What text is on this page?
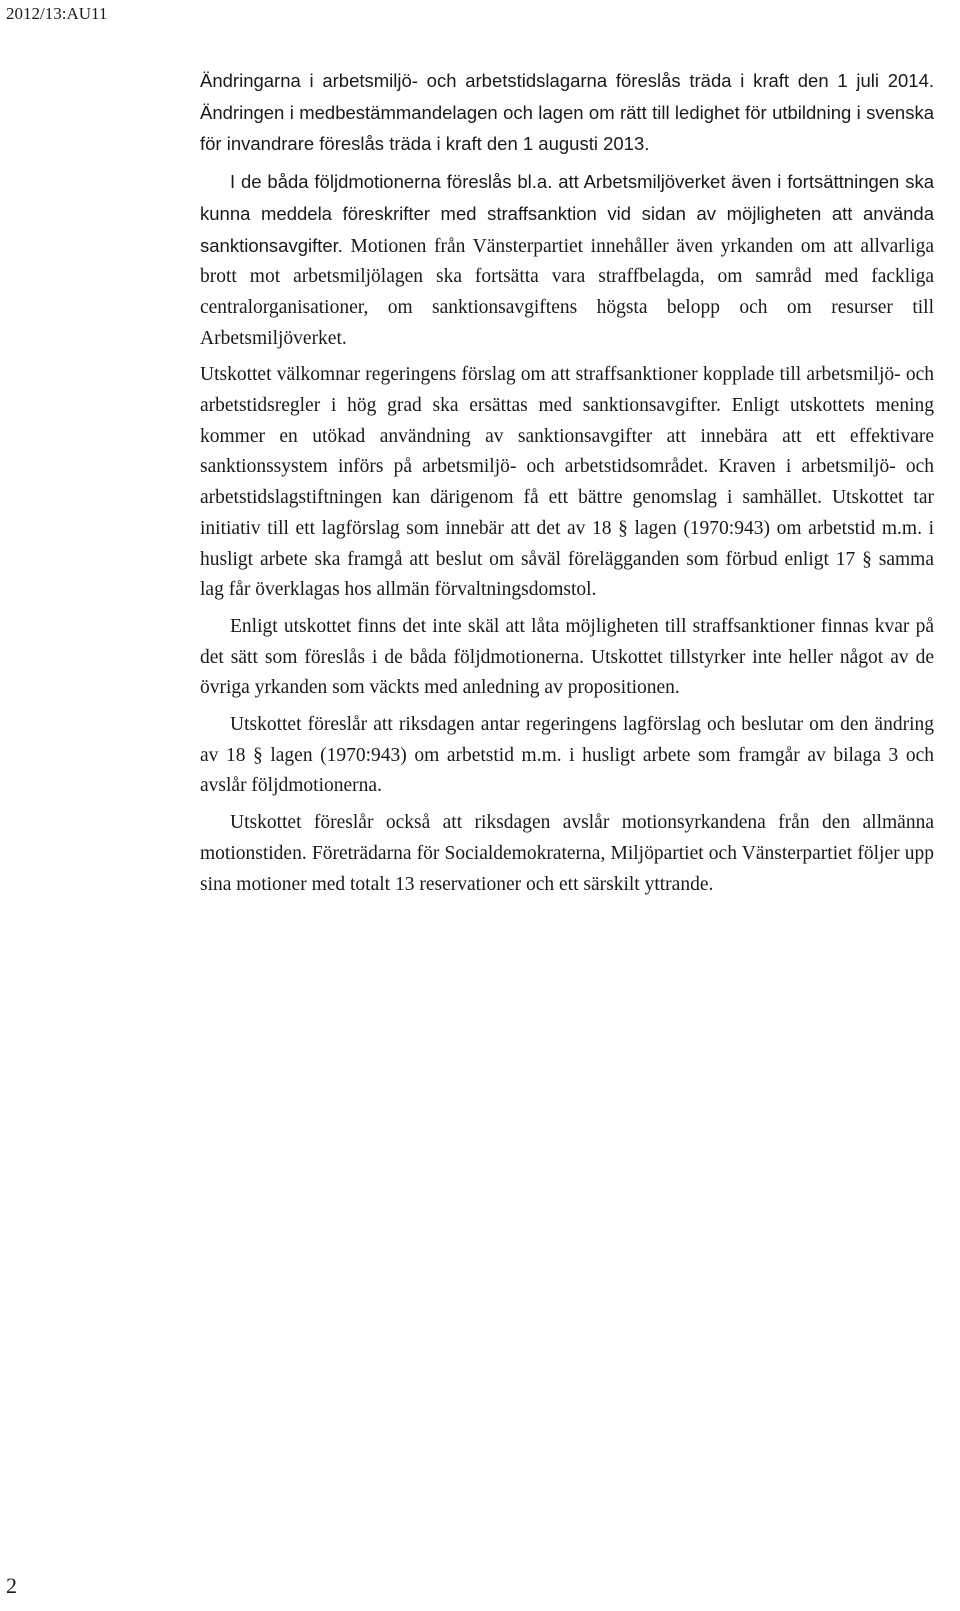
2012/13:AU11

Ändringarna i arbetsmiljö- och arbetstidslagarna föreslås träda i kraft den 1 juli 2014. Ändringen i medbestämmandelagen och lagen om rätt till ledighet för utbildning i svenska för invandrare föreslås träda i kraft den 1 augusti 2013.

I de båda följdmotionerna föreslås bl.a. att Arbetsmiljöverket även i fortsättningen ska kunna meddela föreskrifter med straffsanktion vid sidan av möjligheten att använda sanktionsavgifter. Motionen från Vänsterpartiet innehåller även yrkanden om att allvarliga brott mot arbetsmiljölagen ska fortsätta vara straffbelagda, om samråd med fackliga centralorganisationer, om sanktionsavgiftens högsta belopp och om resurser till Arbetsmiljöverket.

Utskottet välkomnar regeringens förslag om att straffsanktioner kopplade till arbetsmiljö- och arbetstidsregler i hög grad ska ersättas med sanktionsavgifter. Enligt utskottets mening kommer en utökad användning av sanktionsavgifter att innebära att ett effektivare sanktionssystem införs på arbetsmiljö- och arbetstidsområdet. Kraven i arbetsmiljö- och arbetstidslagstiftningen kan därigenom få ett bättre genomslag i samhället. Utskottet tar initiativ till ett lagförslag som innebär att det av 18 § lagen (1970:943) om arbetstid m.m. i husligt arbete ska framgå att beslut om såväl förelägganden som förbud enligt 17 § samma lag får överklagas hos allmän förvaltningsdomstol.

Enligt utskottet finns det inte skäl att låta möjligheten till straffsanktioner finnas kvar på det sätt som föreslås i de båda följdmotionerna. Utskottet tillstyrker inte heller något av de övriga yrkanden som väckts med anledning av propositionen.

Utskottet föreslår att riksdagen antar regeringens lagförslag och beslutar om den ändring av 18 § lagen (1970:943) om arbetstid m.m. i husligt arbete som framgår av bilaga 3 och avslår följdmotionerna.

Utskottet föreslår också att riksdagen avslår motionsyrkandena från den allmänna motionstiden. Företrädarna för Socialdemokraterna, Miljöpartiet och Vänsterpartiet följer upp sina motioner med totalt 13 reservationer och ett särskilt yttrande.

2
